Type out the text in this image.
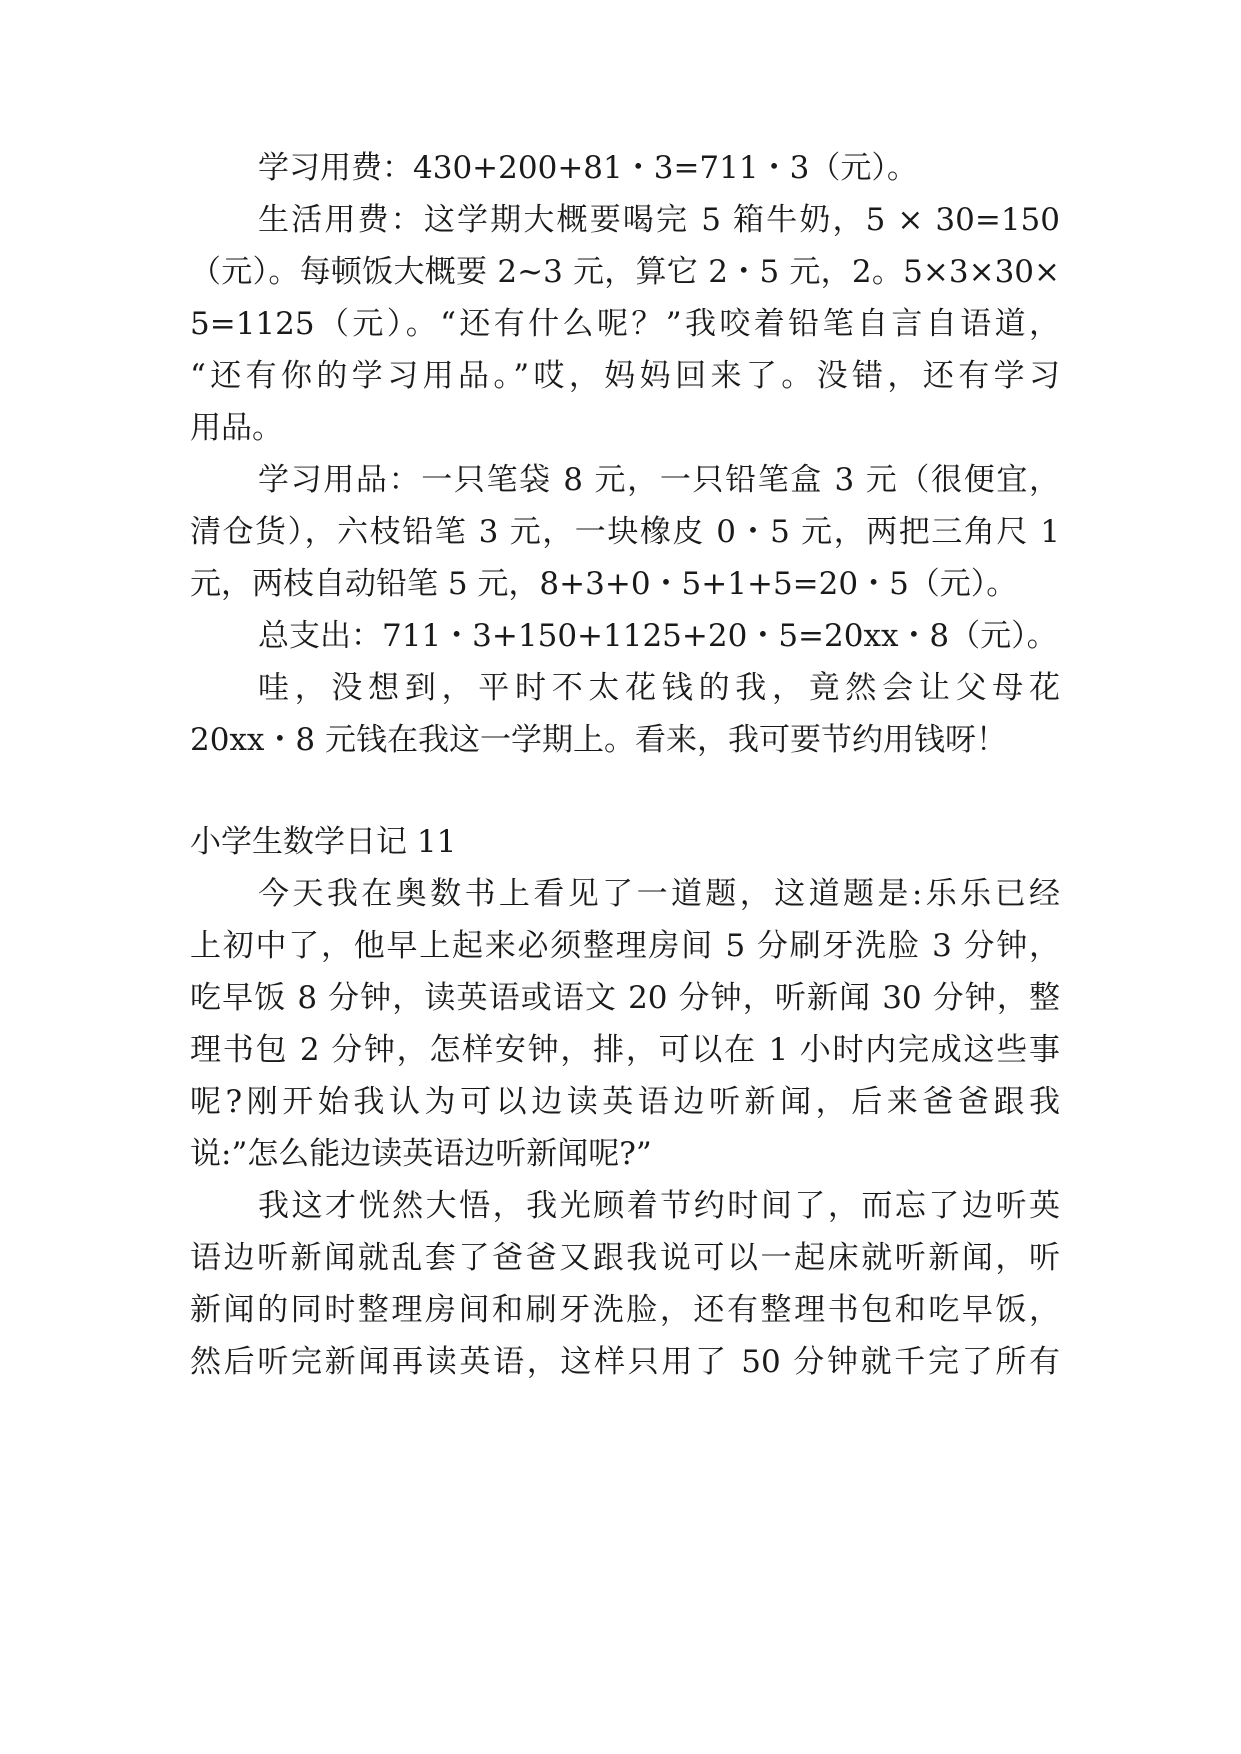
学习用费：430+200+81・3=711・3（元）。
生活用费：这学期大概要喝完 5 箱牛奶，5 × 30=150
（元）。每顿饭大概要 2~3 元，算它 2・5 元，2。5×3×30×
5=1125（元）。“还有什么呢？”我咬着铅笔自言自语道，
“还有你的学习用品。”哎，妈妈回来了。没错，还有学习
用品。
学习用品：一只笔袋 8 元，一只铅笔盒 3 元（很便宜，
清仓货），六枝铅笔 3 元，一块橡皮 0・5 元，两把三角尺 1
元，两枝自动铅笔 5 元，8+3+0・5+1+5=20・5（元）。
总支出：711・3+150+1125+20・5=20xx・8（元）。
哇，没想到，平时不太花钱的我，竟然会让父母花
20xx・8 元钱在我这一学期上。看来，我可要节约用钱呀！
小学生数学日记 11
今天我在奥数书上看见了一道题，这道题是:乐乐已经
上初中了，他早上起来必须整理房间 5 分刷牙洗脸 3 分钟，
吃早饭 8 分钟，读英语或语文 20 分钟，听新闻 30 分钟，整
理书包 2 分钟，怎样安钟，排，可以在 1 小时内完成这些事
呢?刚开始我认为可以边读英语边听新闻，后来爸爸跟我
说:”怎么能边读英语边听新闻呢?”
我这才恍然大悟，我光顾着节约时间了，而忘了边听英
语边听新闻就乱套了爸爸又跟我说可以一起床就听新闻，听
新闻的同时整理房间和刷牙洗脸，还有整理书包和吃早饭，
然后听完新闻再读英语，这样只用了 50 分钟就千完了所有
